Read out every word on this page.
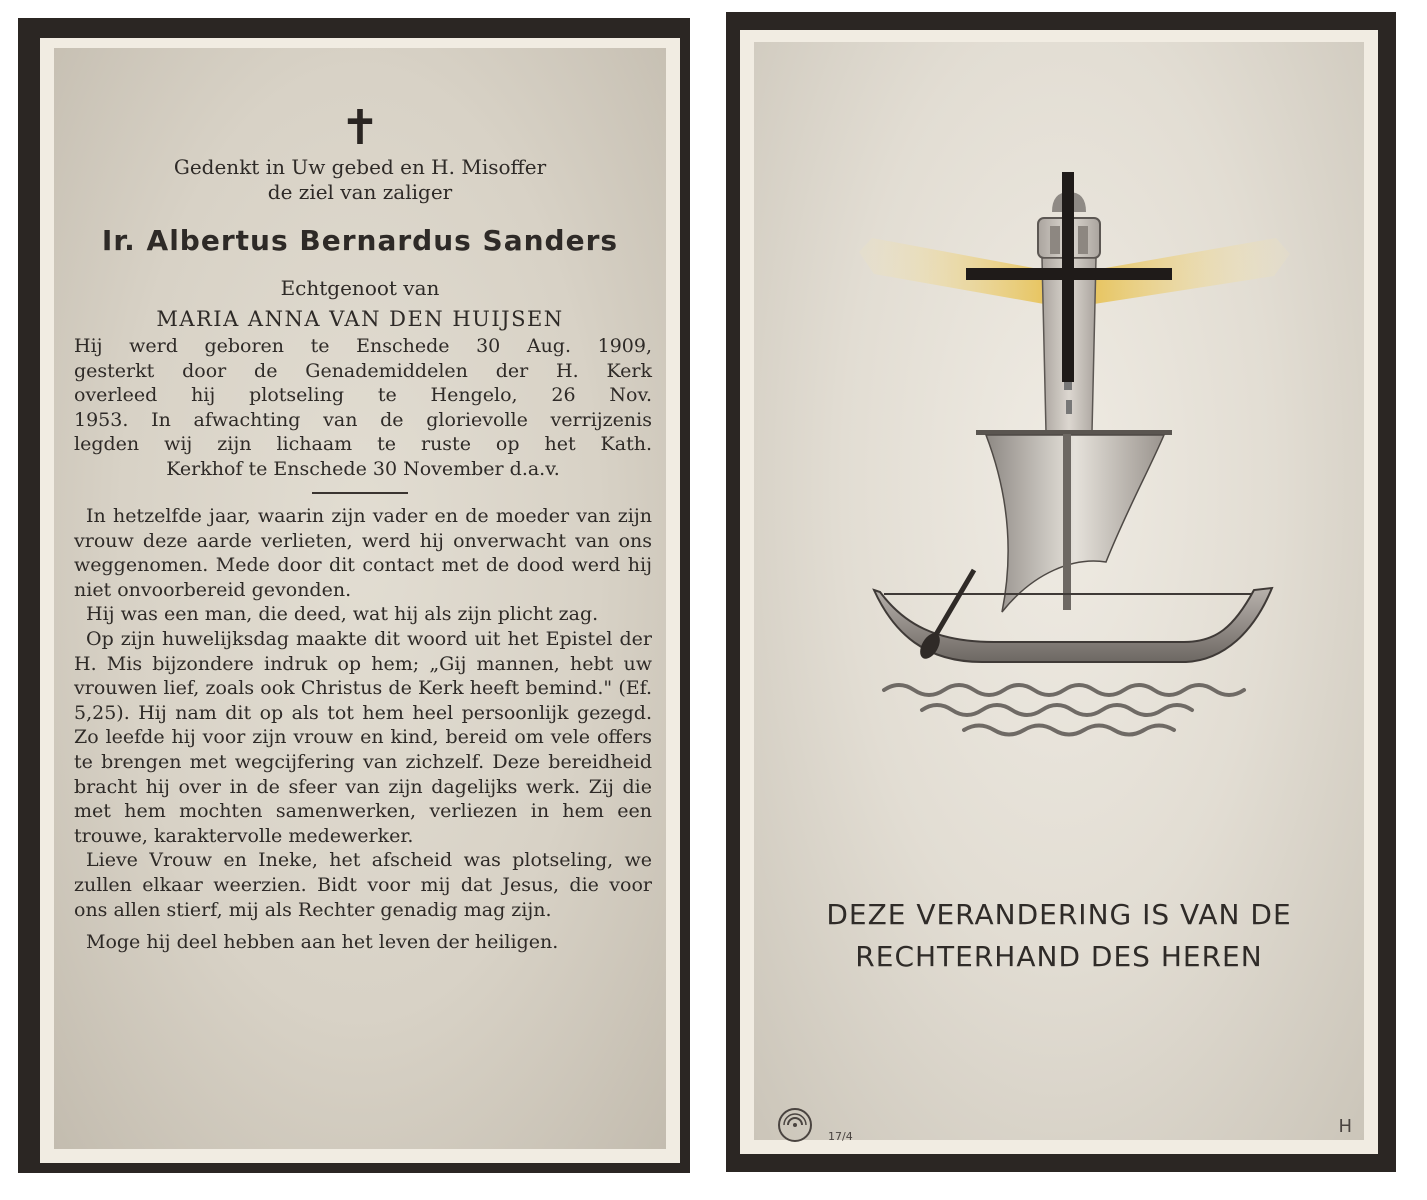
✝
Gedenkt in Uw gebed en H. Misoffer
de ziel van zaliger
Ir. Albertus Bernardus Sanders
Echtgenoot van
MARIA ANNA VAN DEN HUIJSEN
Hij werd geboren te Enschede 30 Aug. 1909,
gesterkt door de Genademiddelen der H. Kerk
overleed hij plotseling te Hengelo, 26 Nov.
1953. In afwachting van de glorievolle verrijzenis
legden wij zijn lichaam te ruste op het Kath.
Kerkhof te Enschede 30 November d.a.v.

In hetzelfde jaar, waarin zijn vader en de moeder van zijn vrouw deze aarde verlieten, werd hij onverwacht van ons weggenomen. Mede door dit contact met de dood werd hij niet onvoorbereid gevonden.

Hij was een man, die deed, wat hij als zijn plicht zag.

Op zijn huwelijksdag maakte dit woord uit het Epistel der H. Mis bijzondere indruk op hem; „Gij mannen, hebt uw vrouwen lief, zoals ook Christus de Kerk heeft bemind." (Ef. 5,25). Hij nam dit op als tot hem heel persoonlijk gezegd. Zo leefde hij voor zijn vrouw en kind, bereid om vele offers te brengen met wegcijfering van zichzelf. Deze bereidheid bracht hij over in de sfeer van zijn dagelijks werk. Zij die met hem mochten samenwerken, verliezen in hem een trouwe, karaktervolle medewerker.

Lieve Vrouw en Ineke, het afscheid was plotseling, we zullen elkaar weerzien. Bidt voor mij dat Jesus, die voor ons allen stierf, mij als Rechter genadig mag zijn.

Moge hij deel hebben aan het leven der heiligen.

DEZE VERANDERING IS VAN DE
RECHTERHAND DES HEREN
17/4	H
